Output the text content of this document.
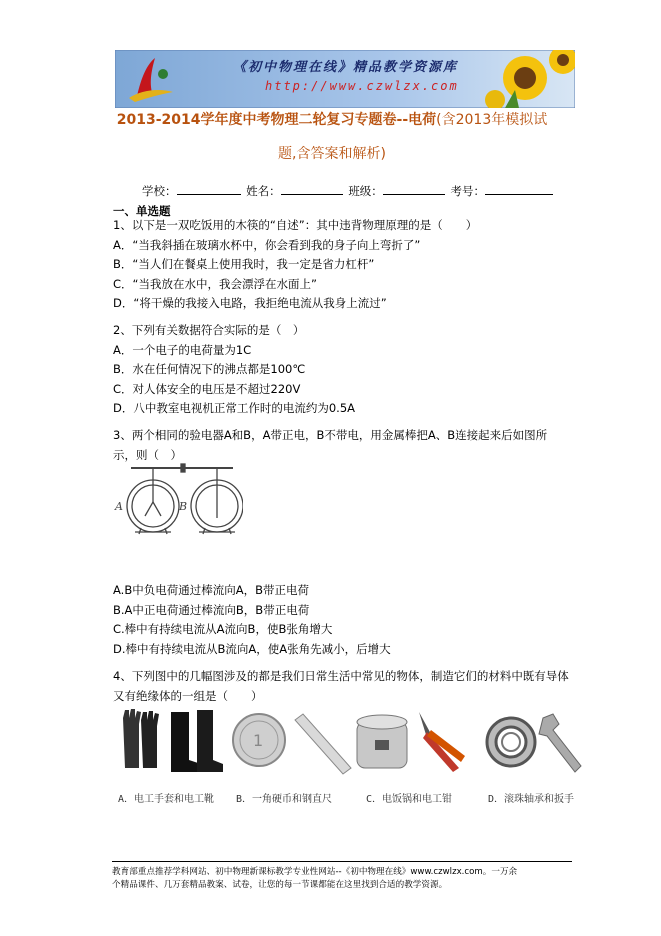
《初中物理在线》精品教学资源库
http://www.czwlzx.com
2013-2014学年度中考物理二轮复习专题卷--电荷(含2013年模拟试
题,含答案和解析)
学校：	姓名：	班级：	考号：
一、单选题
1、以下是一双吃饭用的木筷的“自述”：其中违背物理原理的是（　　）
A．“当我斜插在玻璃水杯中，你会看到我的身子向上弯折了”
B．“当人们在餐桌上使用我时，我一定是省力杠杆”
C．“当我放在水中，我会漂浮在水面上”
D．“将干燥的我接入电路，我拒绝电流从我身上流过”
2、下列有关数据符合实际的是（　）
A．一个电子的电荷量为1C
B．水在任何情况下的沸点都是100℃
C．对人体安全的电压是不超过220V
D．八中教室电视机正常工作时的电流约为0.5A
3、两个相同的验电器A和B，A带正电，B不带电，用金属棒把A、B连接起来后如图所
示，则（　）
A	B
A.B中负电荷通过棒流向A，B带正电荷
B.A中正电荷通过棒流向B，B带正电荷
C.棒中有持续电流从A流向B，使B张角增大
D.棒中有持续电流从B流向A，使A张角先减小，后增大
4、下列图中的几幅图涉及的都是我们日常生活中常见的物体，制造它们的材料中既有导体
又有绝缘体的一组是（　　）
1
A．电工手套和电工靴 B．一角硬币和钢直尺	C．电饭锅和电工钳	D．滚珠轴承和扳手
教育部重点推荐学科网站、初中物理新课标教学专业性网站--《初中物理在线》www.czwlzx.com。一万余
个精品课件、几万套精品教案、试卷，让您的每一节课都能在这里找到合适的教学资源。
